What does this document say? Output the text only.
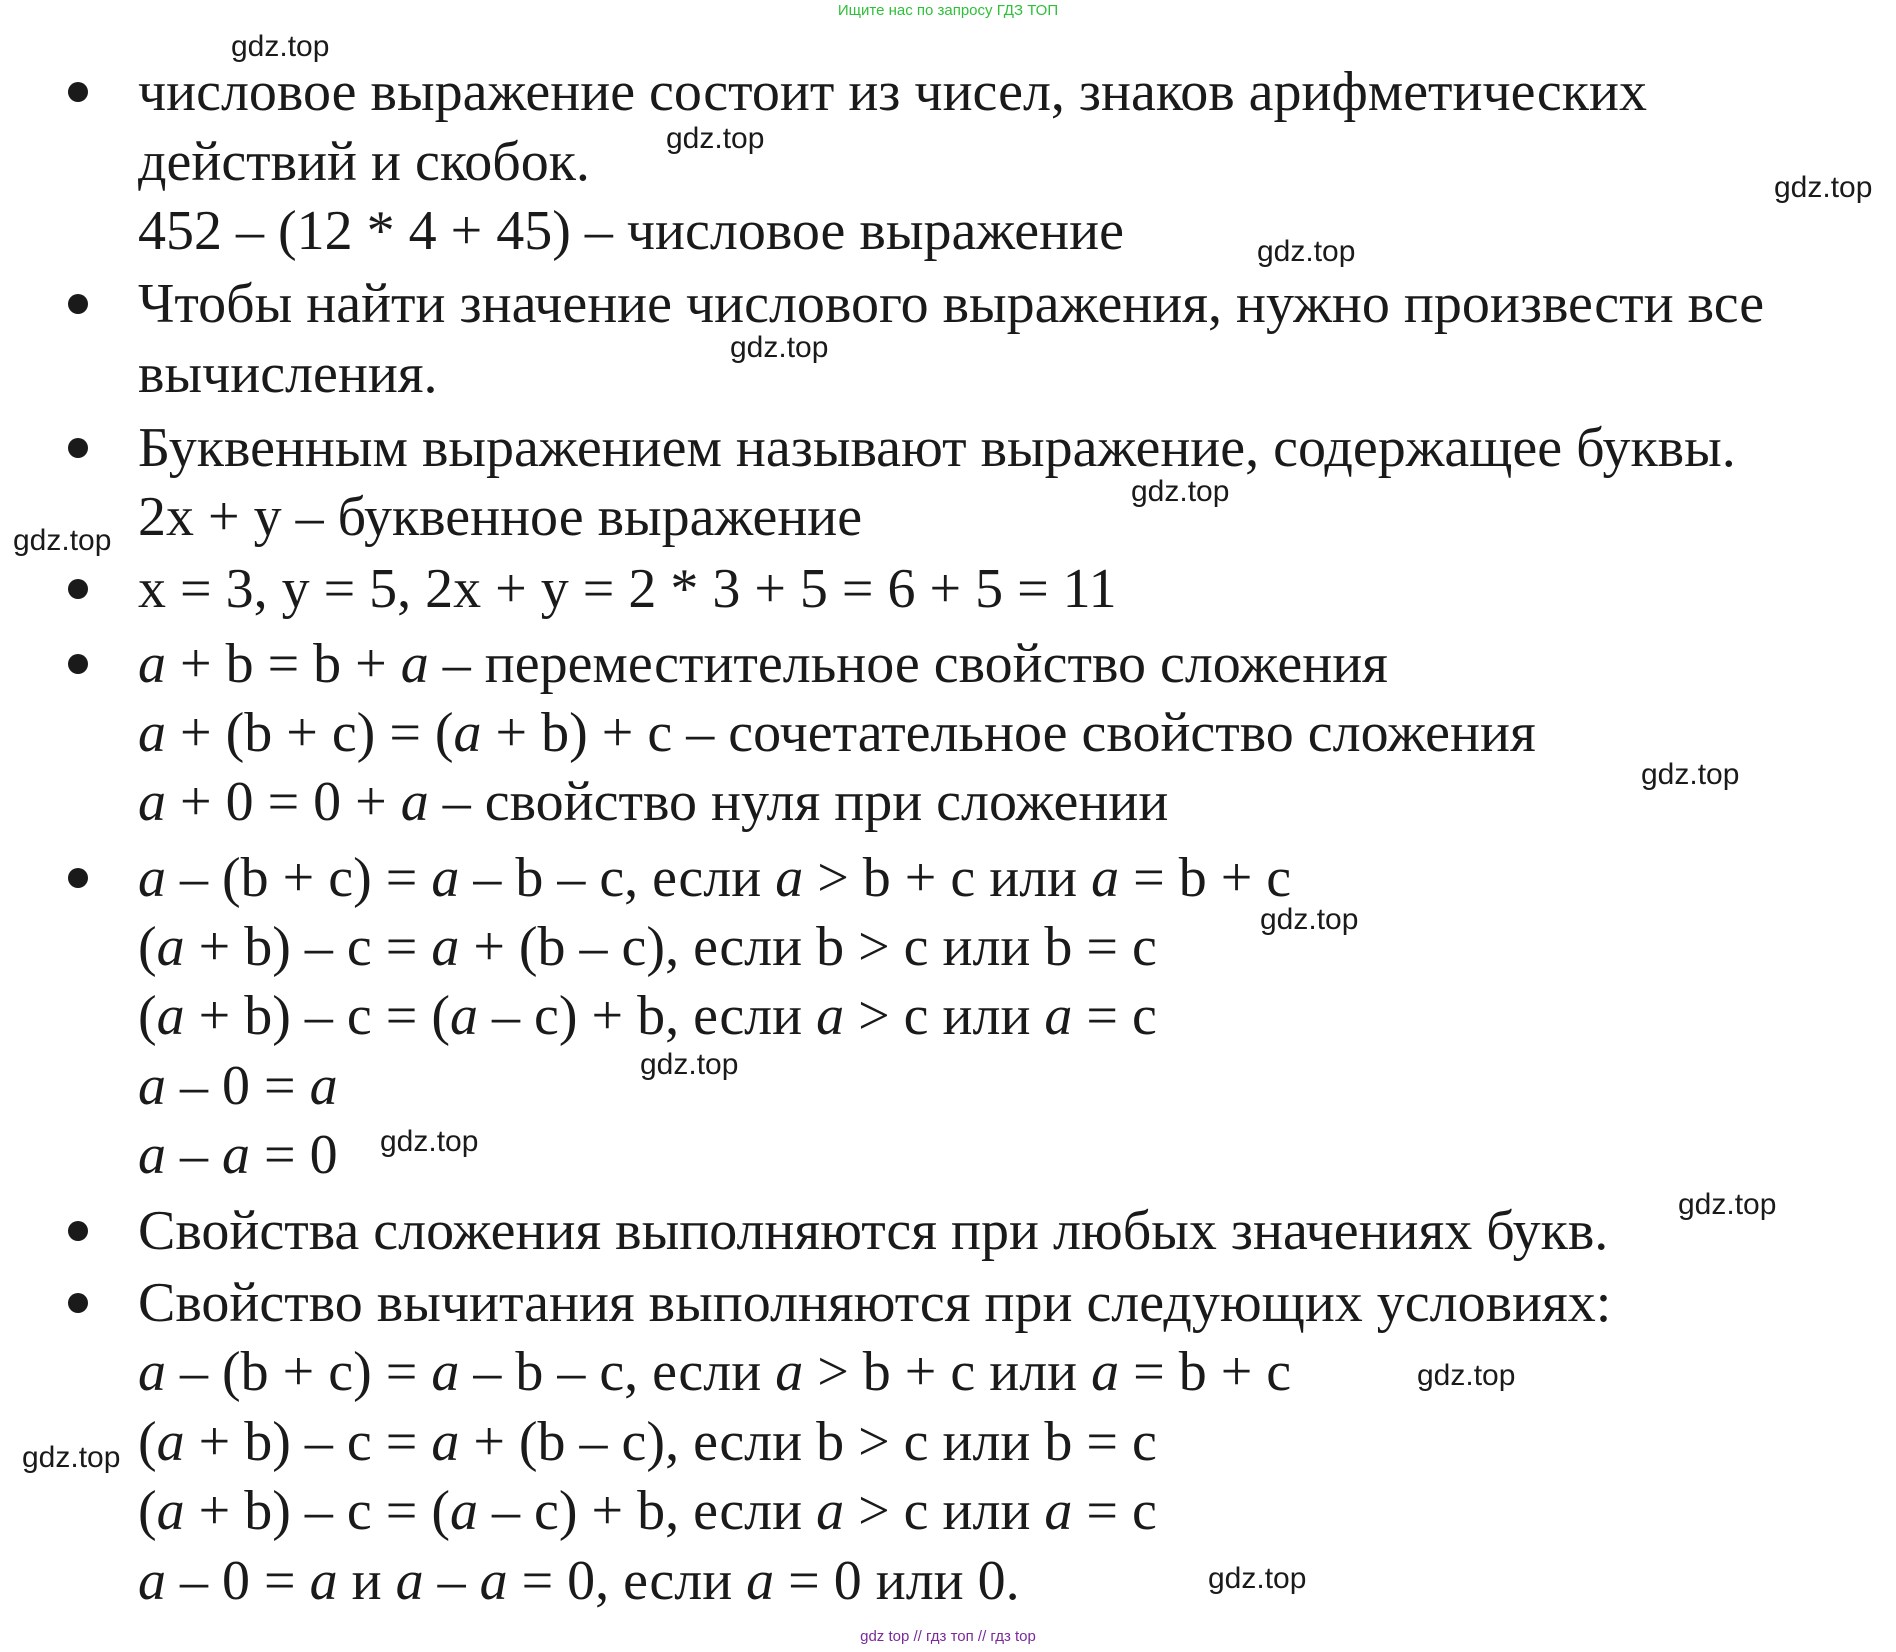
Ищите нас по запросу ГДЗ ТОП
числовое выражение состоит из чисел, знаков арифметических
действий и скобок.
452 – (12 * 4 + 45) – числовое выражение
Чтобы найти значение числового выражения, нужно произвести все
вычисления.
Буквенным выражением называют выражение, содержащее буквы.
2x + y – буквенное выражение
x = 3, y = 5, 2x + y = 2 * 3 + 5 = 6 + 5 = 11
a + b = b + a – переместительное свойство сложения
a + (b + c) = (a + b) + c – сочетательное свойство сложения
a + 0 = 0 + a – свойство нуля при сложении
a – (b + c) = a – b – c, если a > b + c или a = b + c
(a + b) – c = a + (b – c), если b > c или b = c
(a + b) – c = (a – c) + b, если a > c или a = c
a – 0 = a
a – a = 0
Свойства сложения выполняются при любых значениях букв.
Свойство вычитания выполняются при следующих условиях:
a – (b + c) = a – b – c, если a > b + c или a = b + c
(a + b) – c = a + (b – c), если b > c или b = c
(a + b) – c = (a – c) + b, если a > c или a = c
a – 0 = a и a – a = 0, если a = 0 или 0.
gdz.top
gdz.top
gdz.top
gdz.top
gdz.top
gdz.top
gdz.top
gdz.top
gdz.top
gdz.top
gdz.top
gdz.top
gdz.top
gdz.top
gdz.top
gdz top // гдз топ // гдз top
